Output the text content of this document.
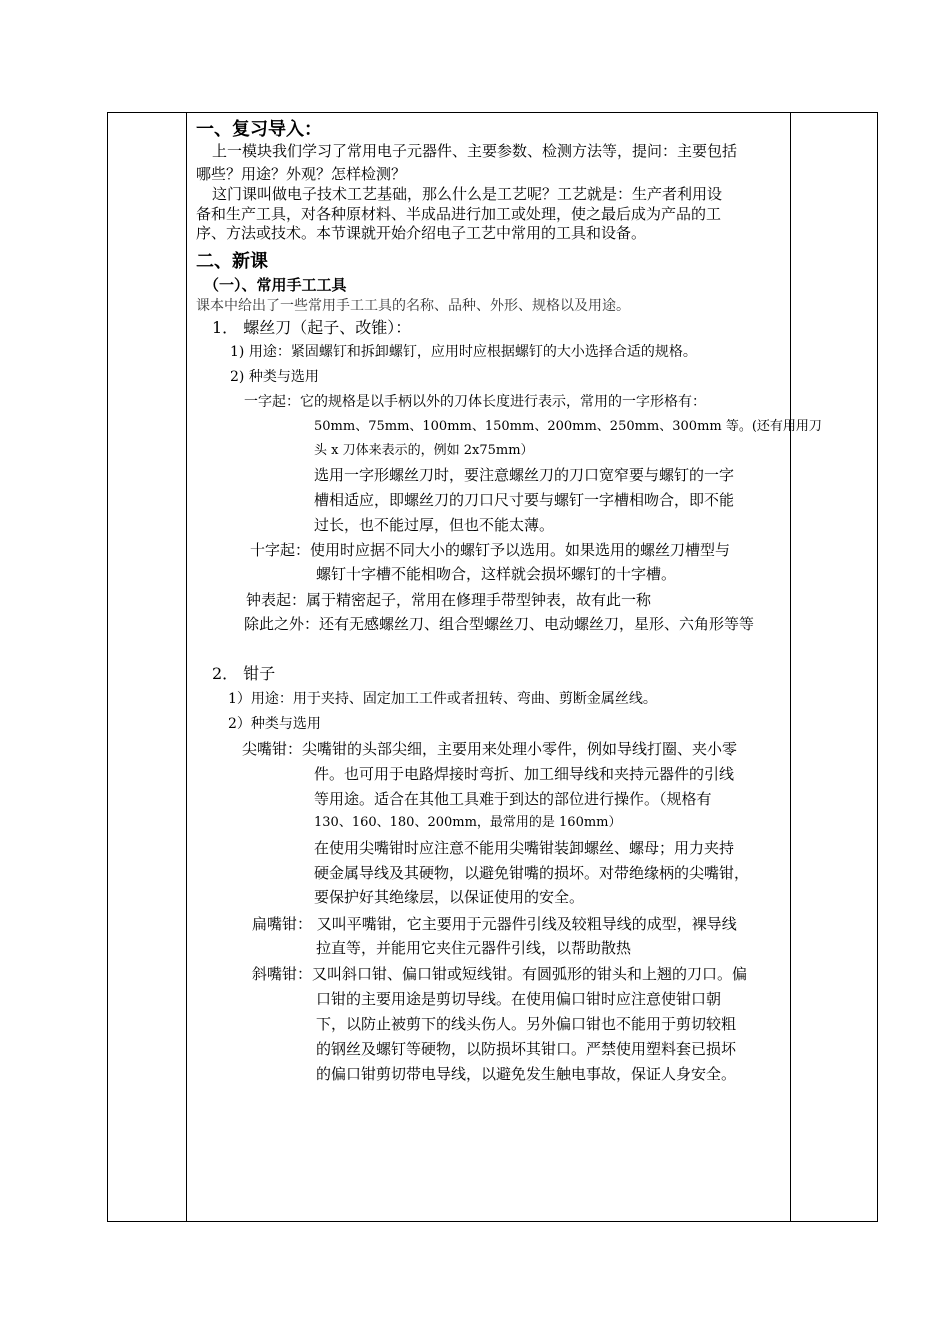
一、复习导入：
上一模块我们学习了常用电子元器件、主要参数、检测方法等，提问：主要包括
哪些？用途？外观？怎样检测？
这门课叫做电子技术工艺基础，那么什么是工艺呢？工艺就是：生产者利用设
备和生产工具，对各种原材料、半成品进行加工或处理，使之最后成为产品的工
序、方法或技术。本节课就开始介绍电子工艺中常用的工具和设备。
二、新课
（一）、常用手工工具
课本中给出了一些常用手工工具的名称、品种、外形、规格以及用途。
1． 螺丝刀（起子、改锥）：
1) 用途：紧固螺钉和拆卸螺钉，应用时应根据螺钉的大小选择合适的规格。
2) 种类与选用
一字起：它的规格是以手柄以外的刀体长度进行表示，常用的一字形格有：
50mm、75mm、100mm、150mm、200mm、250mm、300mm 等。(还有用用刀
头 x 刀体来表示的，例如 2x75mm）
选用一字形螺丝刀时，要注意螺丝刀的刀口宽窄要与螺钉的一字
槽相适应，即螺丝刀的刀口尺寸要与螺钉一字槽相吻合，即不能
过长，也不能过厚，但也不能太薄。
十字起：使用时应据不同大小的螺钉予以选用。如果选用的螺丝刀槽型与
螺钉十字槽不能相吻合，这样就会损坏螺钉的十字槽。
钟表起：属于精密起子，常用在修理手带型钟表，故有此一称
除此之外：还有无感螺丝刀、组合型螺丝刀、电动螺丝刀，星形、六角形等等
2． 钳子
1）用途：用于夹持、固定加工工件或者扭转、弯曲、剪断金属丝线。
2）种类与选用
尖嘴钳：尖嘴钳的头部尖细，主要用来处理小零件，例如导线打圈、夹小零
件。也可用于电路焊接时弯折、加工细导线和夹持元器件的引线
等用途。适合在其他工具难于到达的部位进行操作。（规格有
130、160、180、200mm，最常用的是 160mm）
在使用尖嘴钳时应注意不能用尖嘴钳装卸螺丝、螺母；用力夹持
硬金属导线及其硬物，以避免钳嘴的损坏。对带绝缘柄的尖嘴钳，
要保护好其绝缘层，以保证使用的安全。
扁嘴钳： 又叫平嘴钳，它主要用于元器件引线及较粗导线的成型，裸导线
拉直等，并能用它夹住元器件引线，以帮助散热
斜嘴钳：又叫斜口钳、偏口钳或短线钳。有圆弧形的钳头和上翘的刀口。偏
口钳的主要用途是剪切导线。在使用偏口钳时应注意使钳口朝
下，以防止被剪下的线头伤人。另外偏口钳也不能用于剪切较粗
的钢丝及螺钉等硬物，以防损坏其钳口。严禁使用塑料套已损坏
的偏口钳剪切带电导线，以避免发生触电事故，保证人身安全。
